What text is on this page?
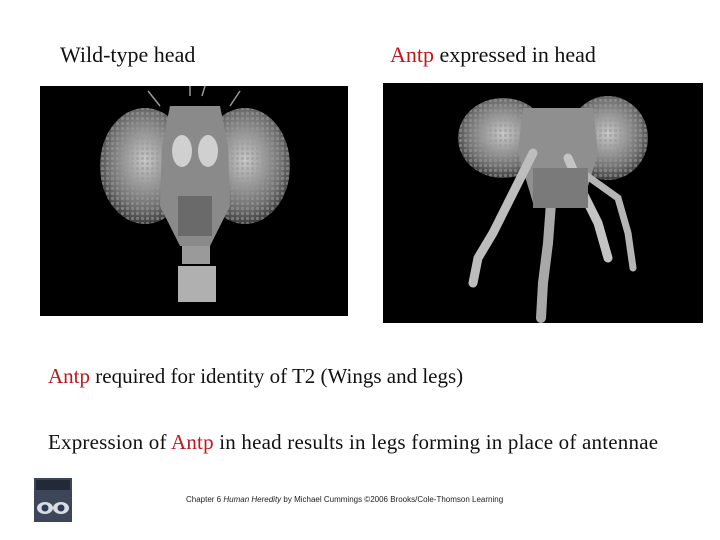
Wild-type head	Antp expressed in head
Antp required for identity of T2 (Wings and legs)
Expression of Antp in head results in legs forming in place of antennae
Chapter 6 Human Heredity by Michael Cummings ©2006 Brooks/Cole-Thomson Learning
